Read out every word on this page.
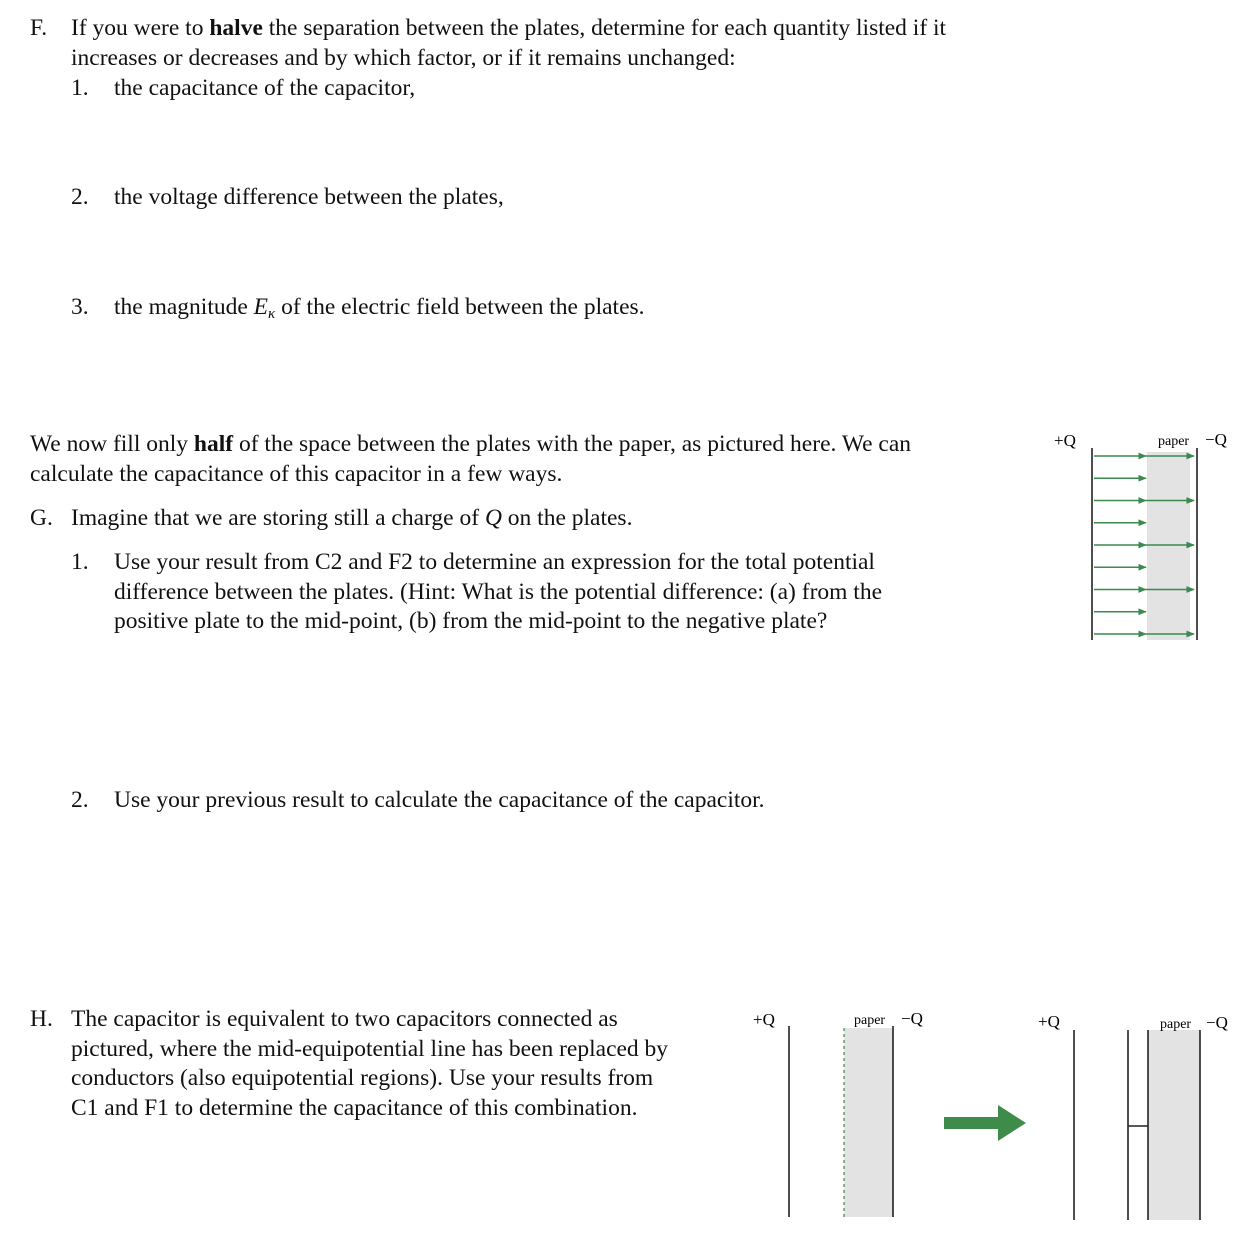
F. If you were to halve the separation between the plates, determine for each quantity listed if it
increases or decreases and by which factor, or if it remains unchanged:
1. the capacitance of the capacitor,
2. the voltage difference between the plates,
3. the magnitude $E_\kappa$ of the electric field between the plates.
We now fill only half of the space between the plates with the paper, as pictured here. We can
calculate the capacitance of this capacitor in a few ways.
G. Imagine that we are storing still a charge of Q on the plates.
1. Use your result from C2 and F2 to determine an expression for the total potential
difference between the plates. (Hint: What is the potential difference: (a) from the
positive plate to the mid-point, (b) from the mid-point to the negative plate?
2. Use your previous result to calculate the capacitance of the capacitor.
H. The capacitor is equivalent to two capacitors connected as
pictured, where the mid-equipotential line has been replaced by
conductors (also equipotential regions). Use your results from
C1 and F1 to determine the capacitance of this combination.
+Q	paper −Q
+Q	paper −Q	+Q	paper −Q
